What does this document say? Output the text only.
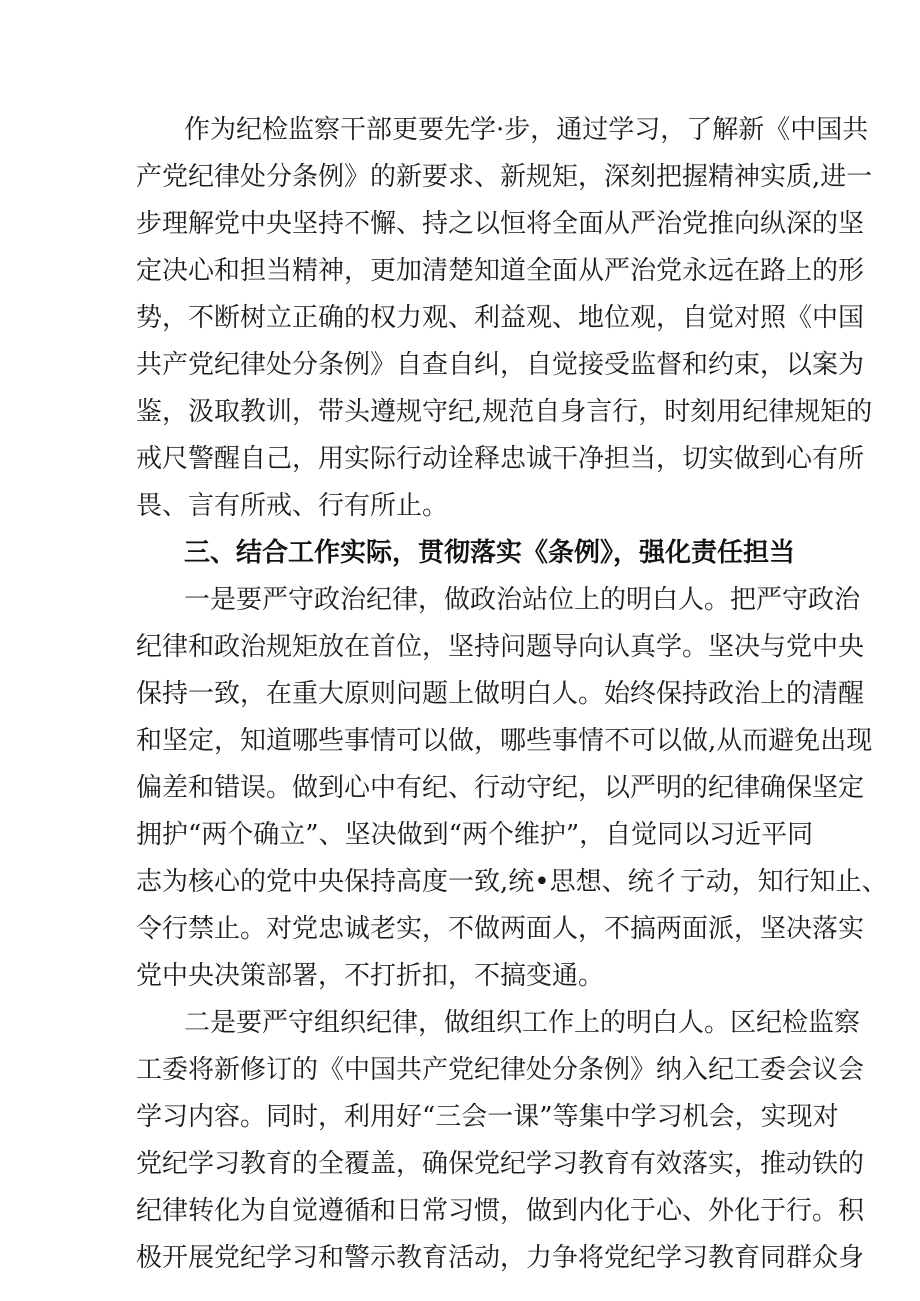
作为纪检监察干部更要先学·步，通过学习，了解新《中国共
产党纪律处分条例》的新要求、新规矩，深刻把握精神实质,进一
步理解党中央坚持不懈、持之以恒将全面从严治党推向纵深的坚
定决心和担当精神，更加清楚知道全面从严治党永远在路上的形
势，不断树立正确的权力观、利益观、地位观，自觉对照《中国
共产党纪律处分条例》自查自纠，自觉接受监督和约束，以案为
鉴，汲取教训，带头遵规守纪,规范自身言行，时刻用纪律规矩的
戒尺警醒自己，用实际行动诠释忠诚干净担当，切实做到心有所
畏、言有所戒、行有所止。
三、结合工作实际，贯彻落实《条例》，强化责任担当
一是要严守政治纪律，做政治站位上的明白人。把严守政治
纪律和政治规矩放在首位，坚持问题导向认真学。坚决与党中央
保持一致，在重大原则问题上做明白人。始终保持政治上的清醒
和坚定，知道哪些事情可以做，哪些事情不可以做,从而避免出现
偏差和错误。做到心中有纪、行动守纪，以严明的纪律确保坚定
拥护“两个确立”、坚决做到“两个维护”，自觉同以习近平同
志为核心的党中央保持高度一致,统•思想、统彳亍动，知行知止、
令行禁止。对党忠诚老实，不做两面人，不搞两面派，坚决落实
党中央决策部署，不打折扣，不搞变通。
二是要严守组织纪律，做组织工作上的明白人。区纪检监察
工委将新修订的《中国共产党纪律处分条例》纳入纪工委会议会
学习内容。同时，利用好“三会一课”等集中学习机会，实现对
党纪学习教育的全覆盖，确保党纪学习教育有效落实，推动铁的
纪律转化为自觉遵循和日常习惯，做到内化于心、外化于行。积
极开展党纪学习和警示教育活动，力争将党纪学习教育同群众身
